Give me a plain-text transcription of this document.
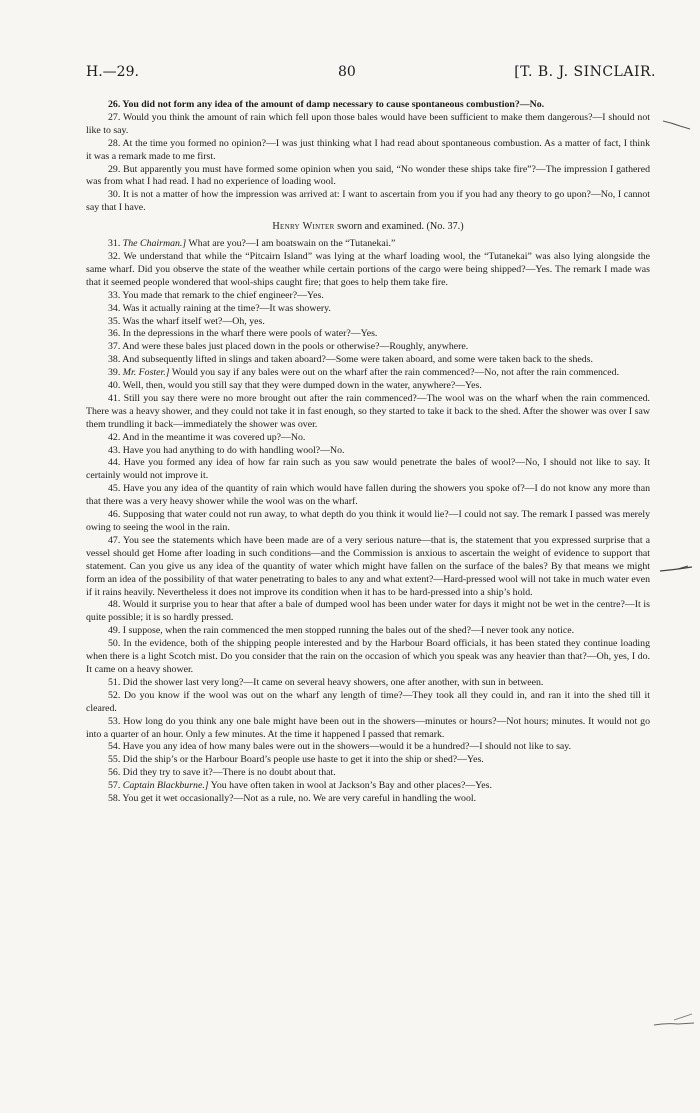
H.—29.	80	[T. B. J. SINCLAIR.

26. You did not form any idea of the amount of damp necessary to cause spontaneous combustion?—No.

27. Would you think the amount of rain which fell upon those bales would have been sufficient to make them dangerous?—I should not like to say.

28. At the time you formed no opinion?—I was just thinking what I had read about spontaneous combustion. As a matter of fact, I think it was a remark made to me first.

29. But apparently you must have formed some opinion when you said, “No wonder these ships take fire”?—The impression I gathered was from what I had read. I had no experience of loading wool.

30. It is not a matter of how the impression was arrived at: I want to ascertain from you if you had any theory to go upon?—No, I cannot say that I have.

Henry Winter sworn and examined. (No. 37.)

31. The Chairman.] What are you?—I am boatswain on the “Tutanekai.”

32. We understand that while the “Pitcairn Island” was lying at the wharf loading wool, the “Tutanekai” was also lying alongside the same wharf. Did you observe the state of the weather while certain portions of the cargo were being shipped?—Yes. The remark I made was that it seemed people wondered that wool-ships caught fire; that goes to help them take fire.

33. You made that remark to the chief engineer?—Yes.

34. Was it actually raining at the time?—It was showery.

35. Was the wharf itself wet?—Oh, yes.

36. In the depressions in the wharf there were pools of water?—Yes.

37. And were these bales just placed down in the pools or otherwise?—Roughly, anywhere.

38. And subsequently lifted in slings and taken aboard?—Some were taken aboard, and some were taken back to the sheds.

39. Mr. Foster.] Would you say if any bales were out on the wharf after the rain commenced?—No, not after the rain commenced.

40. Well, then, would you still say that they were dumped down in the water, anywhere?—Yes.

41. Still you say there were no more brought out after the rain commenced?—The wool was on the wharf when the rain commenced. There was a heavy shower, and they could not take it in fast enough, so they started to take it back to the shed. After the shower was over I saw them trundling it back—immediately the shower was over.

42. And in the meantime it was covered up?—No.

43. Have you had anything to do with handling wool?—No.

44. Have you formed any idea of how far rain such as you saw would penetrate the bales of wool?—No, I should not like to say. It certainly would not improve it.

45. Have you any idea of the quantity of rain which would have fallen during the showers you spoke of?—I do not know any more than that there was a very heavy shower while the wool was on the wharf.

46. Supposing that water could not run away, to what depth do you think it would lie?—I could not say. The remark I passed was merely owing to seeing the wool in the rain.

47. You see the statements which have been made are of a very serious nature—that is, the statement that you expressed surprise that a vessel should get Home after loading in such conditions—and the Commission is anxious to ascertain the weight of evidence to support that statement. Can you give us any idea of the quantity of water which might have fallen on the surface of the bales? By that means we might form an idea of the possibility of that water penetrating to bales to any and what extent?—Hard-pressed wool will not take in much water even if it rains heavily. Nevertheless it does not improve its condition when it has to be hard-pressed into a ship’s hold.

48. Would it surprise you to hear that after a bale of dumped wool has been under water for days it might not be wet in the centre?—It is quite possible; it is so hardly pressed.

49. I suppose, when the rain commenced the men stopped running the bales out of the shed?—I never took any notice.

50. In the evidence, both of the shipping people interested and by the Harbour Board officials, it has been stated they continue loading when there is a light Scotch mist. Do you consider that the rain on the occasion of which you speak was any heavier than that?—Oh, yes, I do. It came on a heavy shower.

51. Did the shower last very long?—It came on several heavy showers, one after another, with sun in between.

52. Do you know if the wool was out on the wharf any length of time?—They took all they could in, and ran it into the shed till it cleared.

53. How long do you think any one bale might have been out in the showers—minutes or hours?—Not hours; minutes. It would not go into a quarter of an hour. Only a few minutes. At the time it happened I passed that remark.

54. Have you any idea of how many bales were out in the showers—would it be a hundred?—I should not like to say.

55. Did the ship’s or the Harbour Board’s people use haste to get it into the ship or shed?—Yes.

56. Did they try to save it?—There is no doubt about that.

57. Captain Blackburne.] You have often taken in wool at Jackson’s Bay and other places?—Yes.

58. You get it wet occasionally?—Not as a rule, no. We are very careful in handling the wool.
